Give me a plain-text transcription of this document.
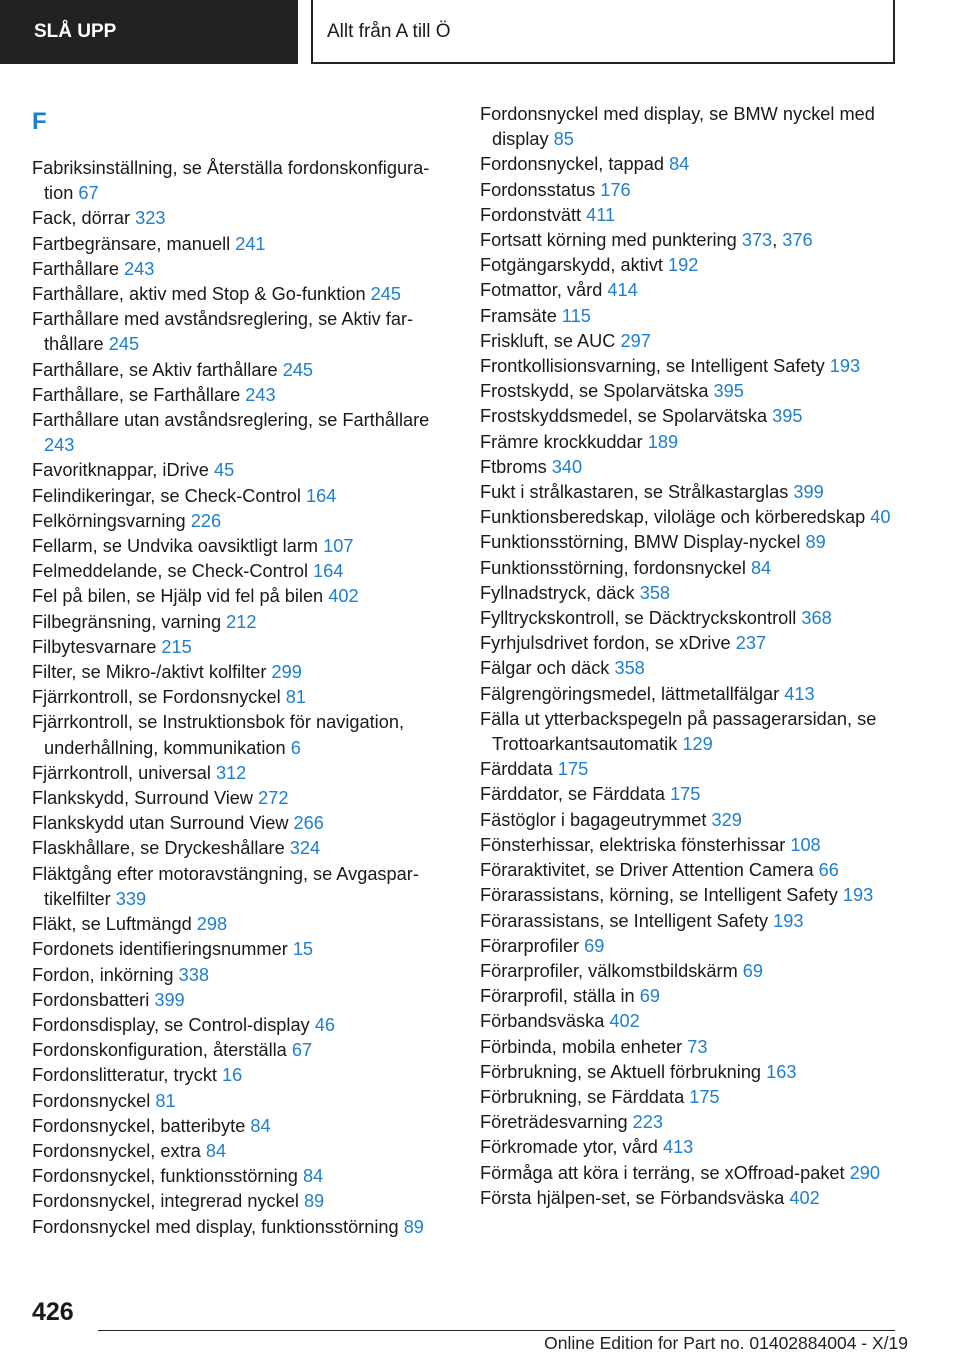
SLÅ UPP	Allt från A till Ö
F
Fabriksinställning, se Återställa fordonskonfiguration 67
Fack, dörrar 323
Fartbegränsare, manuell 241
Farthållare 243
Farthållare, aktiv med Stop & Go-funktion 245
Farthållare med avståndsreglering, se Aktiv farthållare 245
Farthållare, se Aktiv farthållare 245
Farthållare, se Farthållare 243
Farthållare utan avståndsreglering, se Farthållare 243
Favoritknappar, iDrive 45
Felindikeringar, se Check-Control 164
Felkörningsvarning 226
Fellarm, se Undvika oavsiktligt larm 107
Felmeddelande, se Check-Control 164
Fel på bilen, se Hjälp vid fel på bilen 402
Filbegränsning, varning 212
Filbytesvarnare 215
Filter, se Mikro-/aktivt kolfilter 299
Fjärrkontroll, se Fordonsnyckel 81
Fjärrkontroll, se Instruktionsbok för navigation, underhållning, kommunikation 6
Fjärrkontroll, universal 312
Flankskydd, Surround View 272
Flankskydd utan Surround View 266
Flaskhållare, se Dryckeshållare 324
Fläktgång efter motoravstängning, se Avgaspartikelfilter 339
Fläkt, se Luftmängd 298
Fordonets identifieringsnummer 15
Fordon, inkörning 338
Fordonsbatteri 399
Fordonsdisplay, se Control-display 46
Fordonskonfiguration, återställa 67
Fordonslitteratur, tryckt 16
Fordonsnyckel 81
Fordonsnyckel, batteribyte 84
Fordonsnyckel, extra 84
Fordonsnyckel, funktionsstörning 84
Fordonsnyckel, integrerad nyckel 89
Fordonsnyckel med display, funktionsstörning 89
Fordonsnyckel med display, se BMW nyckel med display 85
Fordonsnyckel, tappad 84
Fordonsstatus 176
Fordonstvätt 411
Fortsatt körning med punktering 373, 376
Fotgängarskydd, aktivt 192
Fotmattor, vård 414
Framsäte 115
Friskluft, se AUC 297
Frontkollisionsvarning, se Intelligent Safety 193
Frostskydd, se Spolarvätska 395
Frostskyddsmedel, se Spolarvätska 395
Främre krockkuddar 189
Ftbroms 340
Fukt i strålkastaren, se Strålkastarglas 399
Funktionsberedskap, viloläge och körberedskap 40
Funktionsstörning, BMW Display-nyckel 89
Funktionsstörning, fordonsnyckel 84
Fyllnadstryck, däck 358
Fylltryckskontroll, se Däcktryckskontroll 368
Fyrhjulsdrivet fordon, se xDrive 237
Fälgar och däck 358
Fälgrengöringsmedel, lättmetallfälgar 413
Fälla ut ytterbackspegeln på passagerarsidan, se Trottoarkantsautomatik 129
Färddata 175
Färddator, se Färddata 175
Fästöglor i bagageutrymmet 329
Fönsterhissar, elektriska fönsterhissar 108
Föraraktivitet, se Driver Attention Camera 66
Förarassistans, körning, se Intelligent Safety 193
Förarassistans, se Intelligent Safety 193
Förarprofiler 69
Förarprofiler, välkomstbildskärm 69
Förarprofil, ställa in 69
Förbandsväska 402
Förbinda, mobila enheter 73
Förbrukning, se Aktuell förbrukning 163
Förbrukning, se Färddata 175
Företrädesvarning 223
Förkromade ytor, vård 413
Förmåga att köra i terräng, se xOffroad-paket 290
Första hjälpen-set, se Förbandsväska 402
426
Online Edition for Part no. 01402884004 - X/19
